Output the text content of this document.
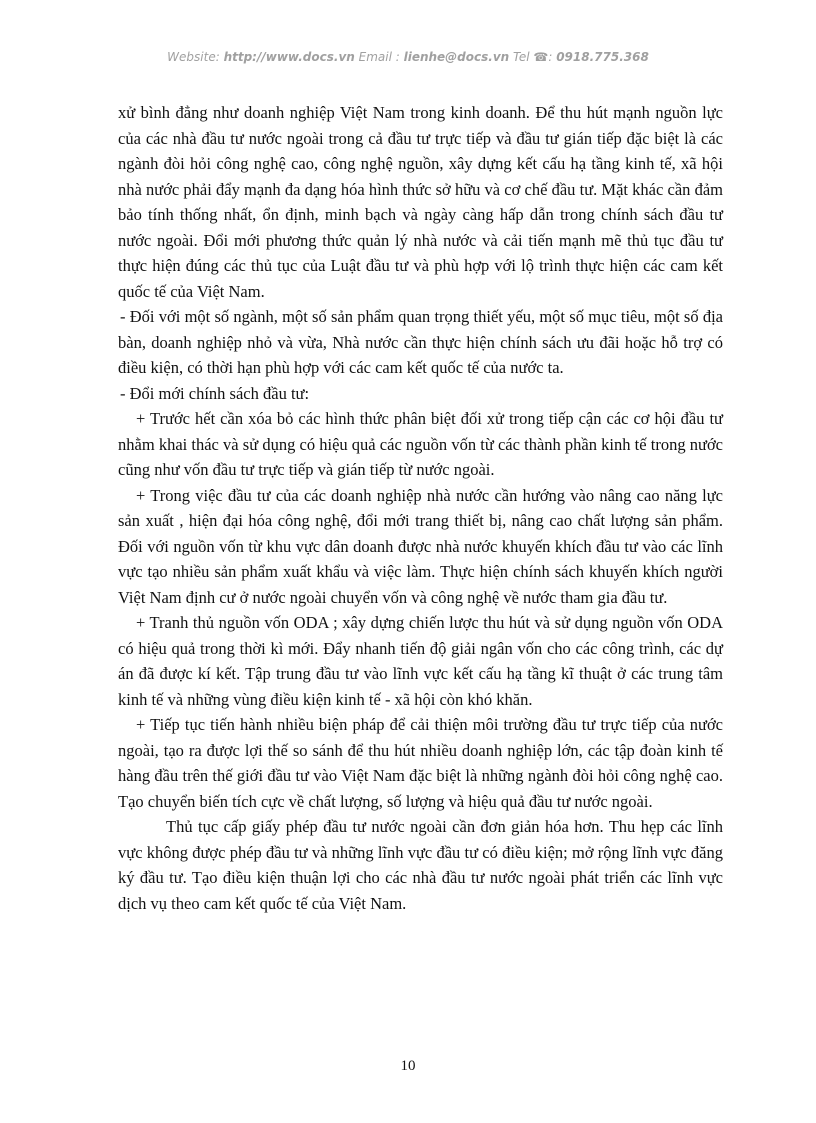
Website: http://www.docs.vn Email : lienhe@docs.vn Tel ☎: 0918.775.368

xử bình đẳng như doanh nghiệp Việt Nam trong kinh doanh. Để thu hút mạnh nguồn lực của các nhà đầu tư nước ngoài trong cả đầu tư trực tiếp và đầu tư gián tiếp đặc biệt là các ngành đòi hỏi công nghệ cao, công nghệ nguồn, xây dựng kết cấu hạ tầng kinh tế, xã hội nhà nước phải đẩy mạnh đa dạng hóa hình thức sở hữu và cơ chế đầu tư. Mặt khác cần đảm bảo tính thống nhất, ổn định, minh bạch và ngày càng hấp dẫn trong chính sách đầu tư nước ngoài. Đổi mới phương thức quản lý nhà nước và cải tiến mạnh mẽ thủ tục đầu tư thực hiện đúng các thủ tục của Luật đầu tư và phù hợp với lộ trình thực hiện các cam kết quốc tế của Việt Nam.

- Đối với một số ngành, một số sản phẩm quan trọng thiết yếu, một số mục tiêu, một số địa bàn, doanh nghiệp nhỏ và vừa, Nhà nước cần thực hiện chính sách ưu đãi hoặc hỗ trợ có điều kiện, có thời hạn phù hợp với các cam kết quốc tế của nước ta.

- Đổi mới chính sách đầu tư:

+ Trước hết cần xóa bỏ các hình thức phân biệt đối xử trong tiếp cận các cơ hội đầu tư nhằm khai thác và sử dụng có hiệu quả các nguồn vốn từ các thành phần kinh tế trong nước cũng như vốn đầu tư trực tiếp và gián tiếp từ nước ngoài.

+ Trong việc đầu tư của các doanh nghiệp nhà nước cần hướng vào nâng cao năng lực sản xuất , hiện đại hóa công nghệ, đổi mới trang thiết bị, nâng cao chất lượng sản phẩm. Đối với nguồn vốn từ khu vực dân doanh được nhà nước khuyến khích đầu tư vào các lĩnh vực tạo nhiều sản phẩm xuất khẩu và việc làm. Thực hiện chính sách khuyến khích người Việt Nam định cư ở nước ngoài chuyển vốn và công nghệ về nước tham gia đầu tư.

+ Tranh thủ nguồn vốn ODA ; xây dựng chiến lược thu hút và sử dụng nguồn vốn ODA có hiệu quả trong thời kì mới. Đẩy nhanh tiến độ giải ngân vốn cho các công trình, các dự án đã được kí kết. Tập trung đầu tư vào lĩnh vực kết cấu hạ tầng kĩ thuật ở các trung tâm kinh tế và những vùng điều kiện kinh tế - xã hội còn khó khăn.

+ Tiếp tục tiến hành nhiều biện pháp để cải thiện môi trường đầu tư trực tiếp của nước ngoài, tạo ra được lợi thế so sánh để thu hút nhiều doanh nghiệp lớn, các tập đoàn kinh tế hàng đầu trên thế giới đầu tư vào Việt Nam đặc biệt là những ngành đòi hỏi công nghệ cao. Tạo chuyển biến tích cực về chất lượng, số lượng và hiệu quả đầu tư nước ngoài.

Thủ tục cấp giấy phép đầu tư nước ngoài cần đơn giản hóa hơn. Thu hẹp các lĩnh vực không được phép đầu tư và những lĩnh vực đầu tư có điều kiện; mở rộng lĩnh vực đăng ký đầu tư. Tạo điều kiện thuận lợi cho các nhà đầu tư nước ngoài phát triển các lĩnh vực dịch vụ theo cam kết quốc tế của Việt Nam.

10
